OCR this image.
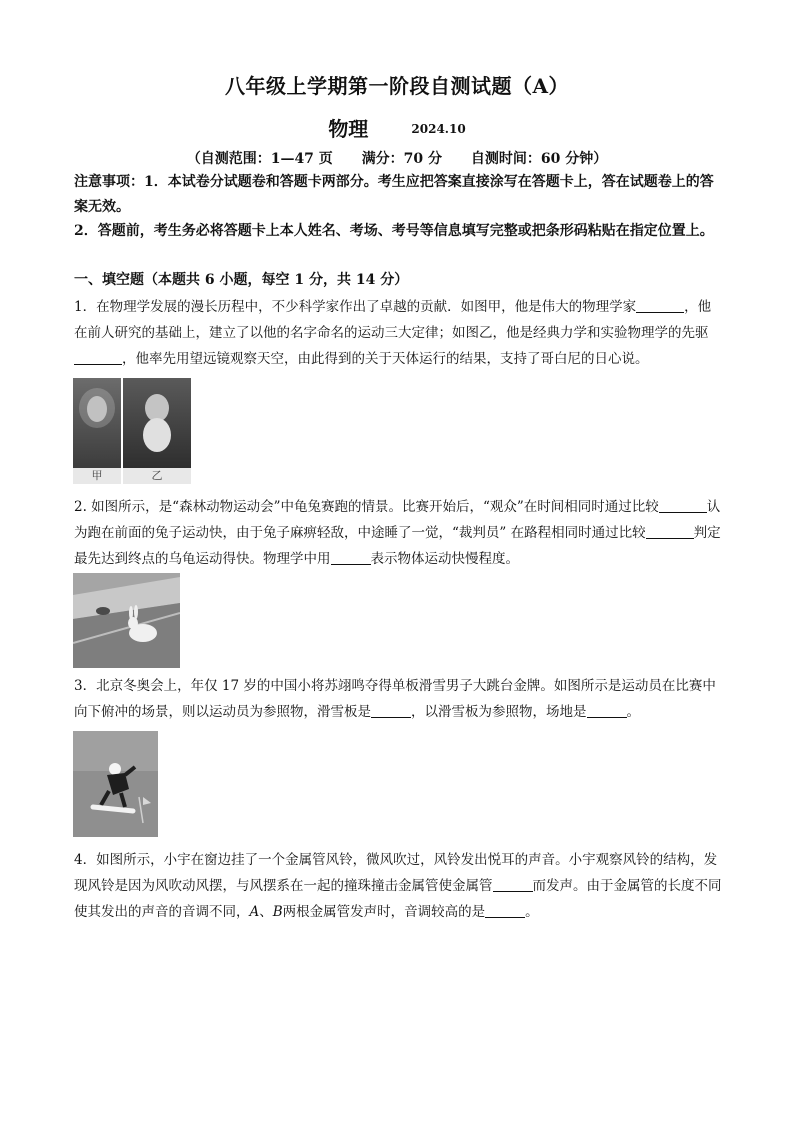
八年级上学期第一阶段自测试题（A）
物理	2024.10
（自测范围：1—47 页 满分：70 分 自测时间：60 分钟）
注意事项：1．本试卷分试题卷和答题卡两部分。考生应把答案直接涂写在答题卡上，答在试题卷上的答案无效。
2．答题前，考生务必将答题卡上本人姓名、考场、考号等信息填写完整或把条形码粘贴在指定位置上。
一、填空题（本题共 6 小题，每空 1 分，共 14 分）
1．在物理学发展的漫长历程中，不少科学家作出了卓越的贡献．如图甲，他是伟大的物理学家	，他在前人研究的基础上，建立了以他的名字命名的运动三大定律；如图乙，他是经典力学和实验物理学的先驱，他率先用望远镜观察天空，由此得到的关于天体运行的结果，支持了哥白尼的日心说。
甲	乙
2. 如图所示，是“森林动物运动会”中龟兔赛跑的情景。比赛开始后，“观众”在时间相同时通过比较	认为跑在前面的兔子运动快，由于兔子麻痹轻敌，中途睡了一觉，“裁判员” 在路程相同时通过比较	判定最先达到终点的乌龟运动得快。物理学中用	表示物体运动快慢程度。
3．北京冬奥会上，年仅 17 岁的中国小将苏翊鸣夺得单板滑雪男子大跳台金牌。如图所示是运动员在比赛中向下俯冲的场景，则以运动员为参照物，滑雪板是	，以滑雪板为参照物，场地是	。
4．如图所示，小宇在窗边挂了一个金属管风铃，微风吹过，风铃发出悦耳的声音。小宇观察风铃的结构，发现风铃是因为风吹动风摆，与风摆系在一起的撞珠撞击金属管使金属管	而发声。由于金属管的长度不同使其发出的声音的音调不同，A、B两根金属管发声时，音调较高的是	。
